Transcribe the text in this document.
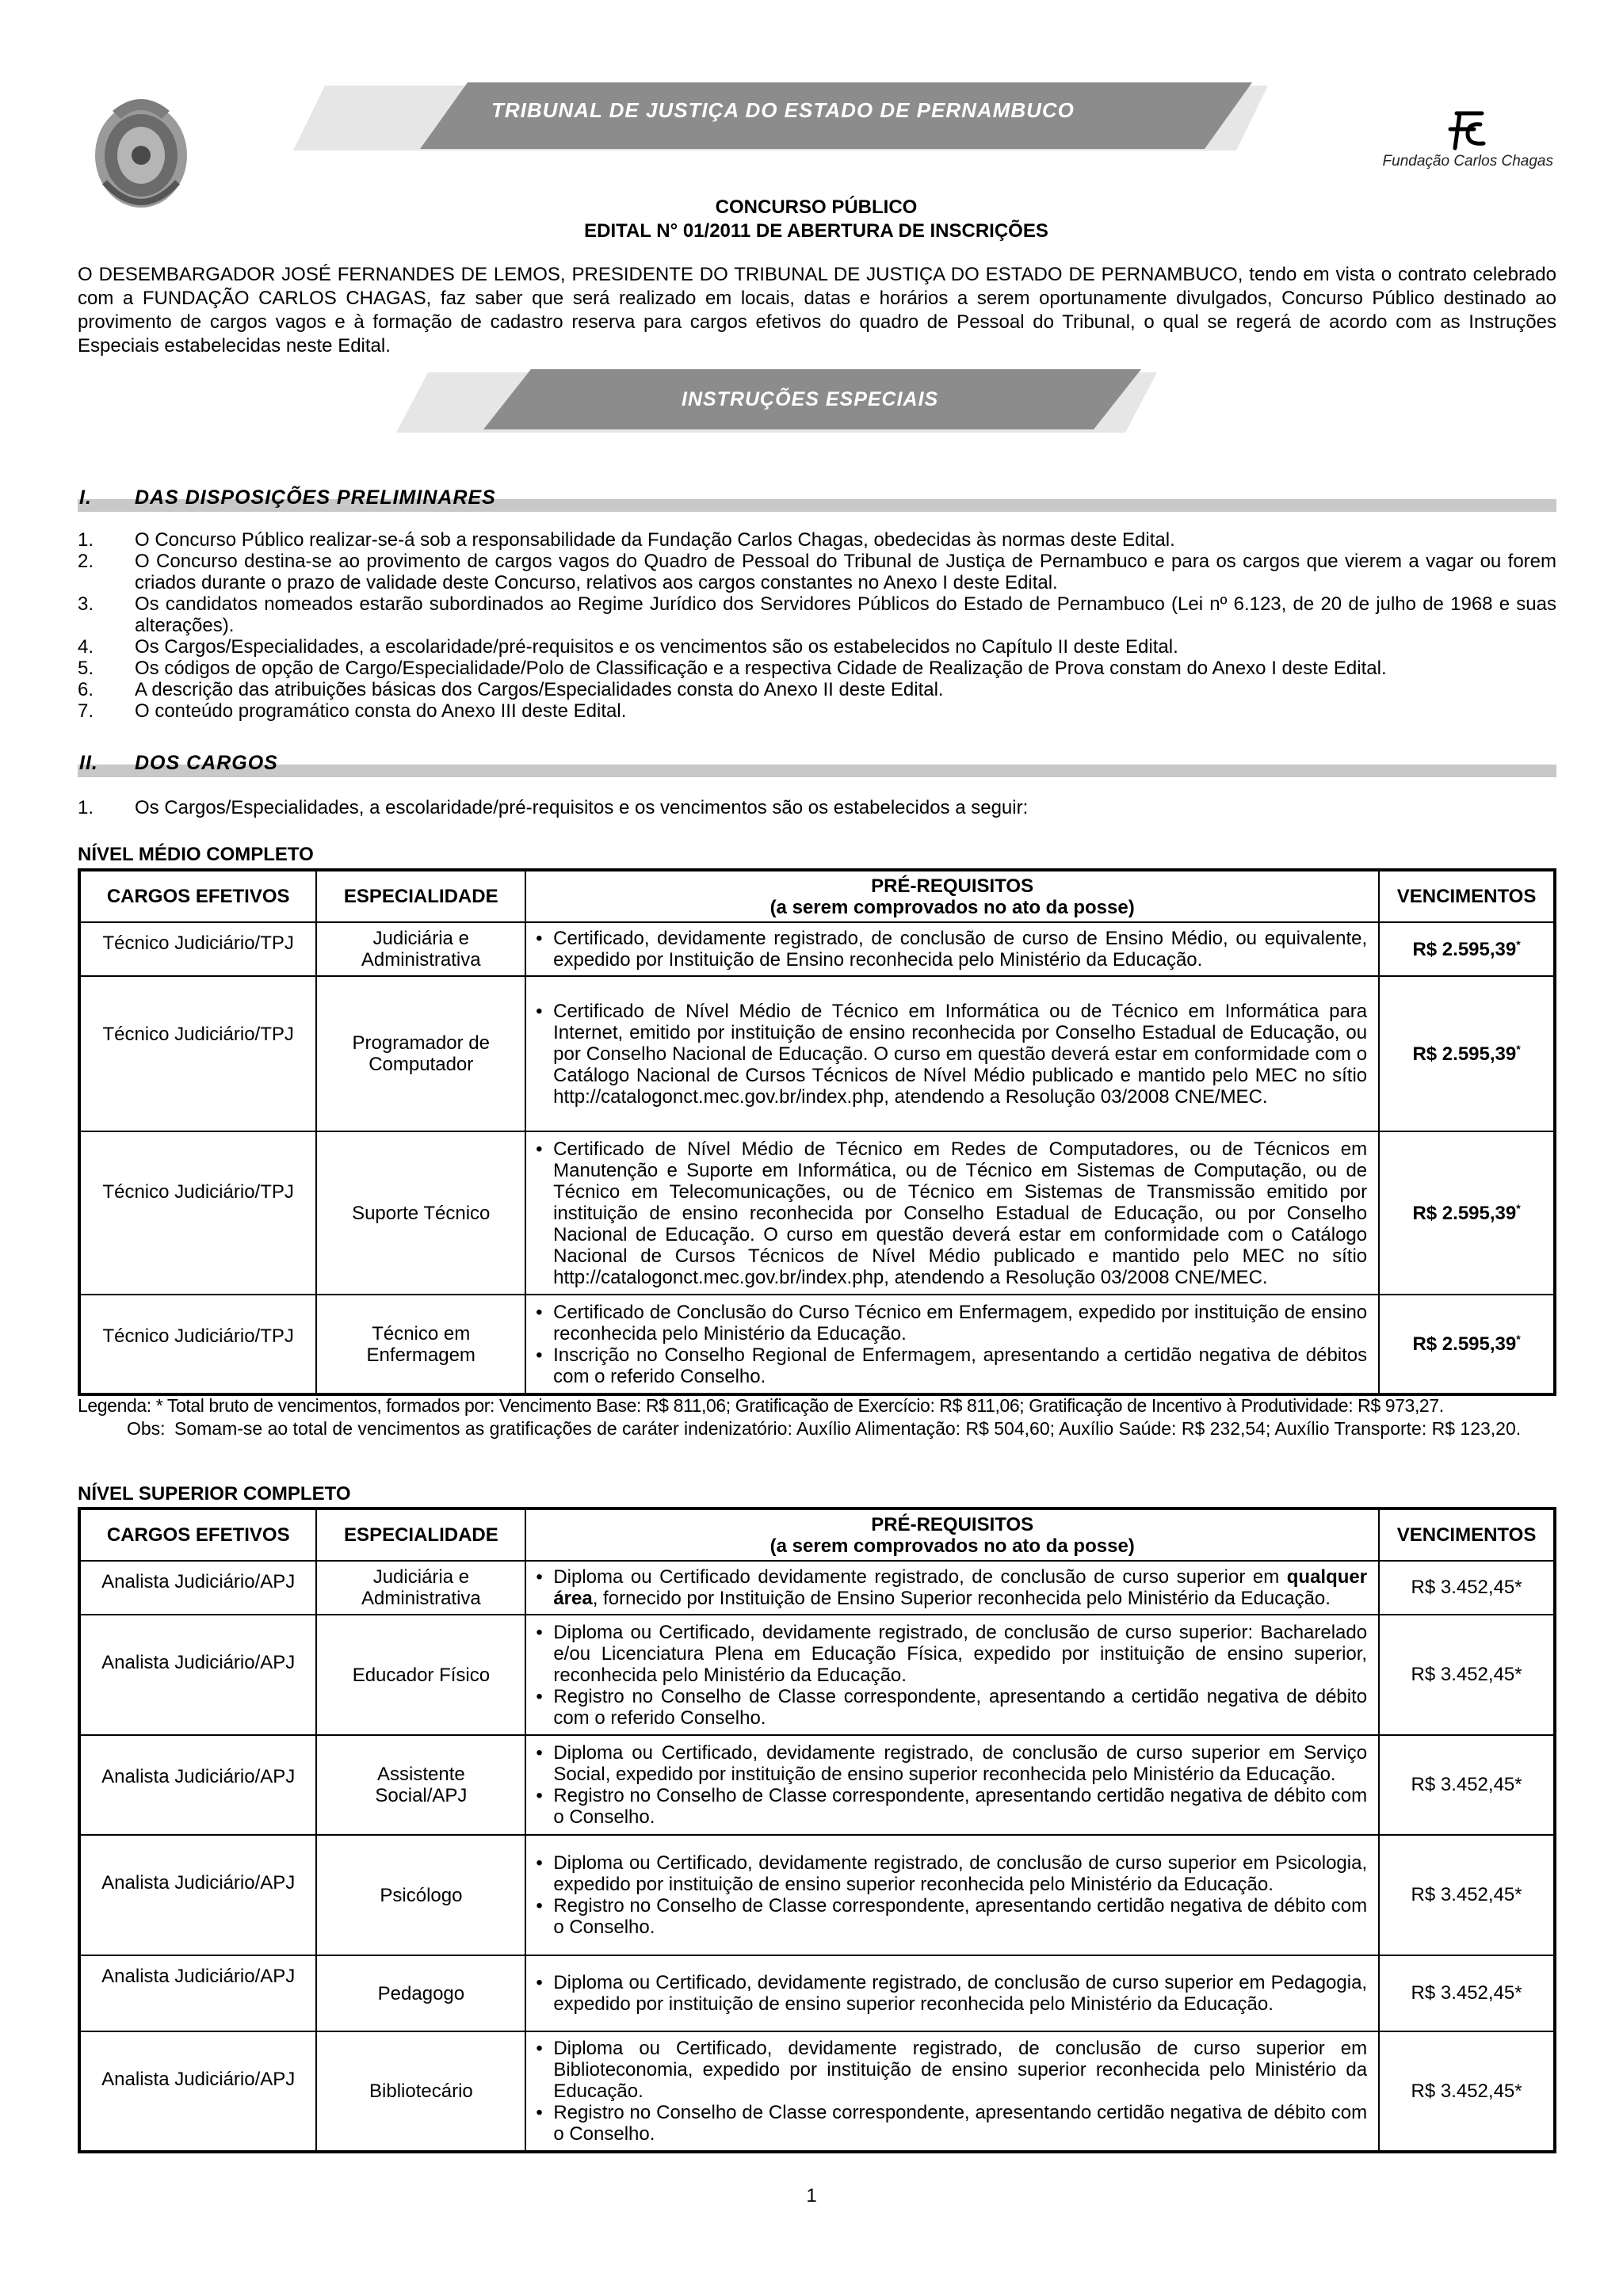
TRIBUNAL DE JUSTIÇA DO ESTADO DE PERNAMBUCO
Fundação Carlos Chagas
CONCURSO PÚBLICO
EDITAL N° 01/2011 DE ABERTURA DE INSCRIÇÕES
O DESEMBARGADOR JOSÉ FERNANDES DE LEMOS, PRESIDENTE DO TRIBUNAL DE JUSTIÇA DO ESTADO DE PERNAMBUCO, tendo em vista o contrato celebrado com a FUNDAÇÃO CARLOS CHAGAS, faz saber que será realizado em locais, datas e horários a serem oportunamente divulgados, Concurso Público destinado ao provimento de cargos vagos e à formação de cadastro reserva para cargos efetivos do quadro de Pessoal do Tribunal, o qual se regerá de acordo com as Instruções Especiais estabelecidas neste Edital.
INSTRUÇÕES ESPECIAIS
I. DAS DISPOSIÇÕES PRELIMINARES
1. O Concurso Público realizar-se-á sob a responsabilidade da Fundação Carlos Chagas, obedecidas às normas deste Edital.
2. O Concurso destina-se ao provimento de cargos vagos do Quadro de Pessoal do Tribunal de Justiça de Pernambuco e para os cargos que vierem a vagar ou forem criados durante o prazo de validade deste Concurso, relativos aos cargos constantes no Anexo I deste Edital.
3. Os candidatos nomeados estarão subordinados ao Regime Jurídico dos Servidores Públicos do Estado de Pernambuco (Lei nº 6.123, de 20 de julho de 1968 e suas alterações).
4. Os Cargos/Especialidades, a escolaridade/pré-requisitos e os vencimentos são os estabelecidos no Capítulo II deste Edital.
5. Os códigos de opção de Cargo/Especialidade/Polo de Classificação e a respectiva Cidade de Realização de Prova constam do Anexo I deste Edital.
6. A descrição das atribuições básicas dos Cargos/Especialidades consta do Anexo II deste Edital.
7. O conteúdo programático consta do Anexo III deste Edital.
II. DOS CARGOS
1. Os Cargos/Especialidades, a escolaridade/pré-requisitos e os vencimentos são os estabelecidos a seguir:
NÍVEL MÉDIO COMPLETO
CARGOS EFETIVOS	ESPECIALIDADE	PRÉ-REQUISITOS
(a serem comprovados no ato da posse)	VENCIMENTOS
Técnico Judiciário/TPJ	Judiciária e Administrativa	• Certificado, devidamente registrado, de conclusão de curso de Ensino Médio, ou equivalente, expedido por Instituição de Ensino reconhecida pelo Ministério da Educação.	R$ 2.595,39*
Técnico Judiciário/TPJ	Programador de Computador	• Certificado de Nível Médio de Técnico em Informática ou de Técnico em Informática para Internet, emitido por instituição de ensino reconhecida por Conselho Estadual de Educação, ou por Conselho Nacional de Educação. O curso em questão deverá estar em conformidade com o Catálogo Nacional de Cursos Técnicos de Nível Médio publicado e mantido pelo MEC no sítio http://catalogonct.mec.gov.br/index.php, atendendo a Resolução 03/2008 CNE/MEC.	R$ 2.595,39*
Técnico Judiciário/TPJ	Suporte Técnico	• Certificado de Nível Médio de Técnico em Redes de Computadores, ou de Técnicos em Manutenção e Suporte em Informática, ou de Técnico em Sistemas de Computação, ou de Técnico em Telecomunicações, ou de Técnico em Sistemas de Transmissão emitido por instituição de ensino reconhecida por Conselho Estadual de Educação, ou por Conselho Nacional de Educação. O curso em questão deverá estar em conformidade com o Catálogo Nacional de Cursos Técnicos de Nível Médio publicado e mantido pelo MEC no sítio http://catalogonct.mec.gov.br/index.php, atendendo a Resolução 03/2008 CNE/MEC.	R$ 2.595,39*
Técnico Judiciário/TPJ	Técnico em Enfermagem	• Certificado de Conclusão do Curso Técnico em Enfermagem, expedido por instituição de ensino reconhecida pelo Ministério da Educação.
• Inscrição no Conselho Regional de Enfermagem, apresentando a certidão negativa de débitos com o referido Conselho.	R$ 2.595,39*
Legenda: * Total bruto de vencimentos, formados por: Vencimento Base: R$ 811,06; Gratificação de Exercício: R$ 811,06; Gratificação de Incentivo à Produtividade: R$ 973,27.
Obs: Somam-se ao total de vencimentos as gratificações de caráter indenizatório: Auxílio Alimentação: R$ 504,60; Auxílio Saúde: R$ 232,54; Auxílio Transporte: R$ 123,20.
NÍVEL SUPERIOR COMPLETO
CARGOS EFETIVOS	ESPECIALIDADE	PRÉ-REQUISITOS
(a serem comprovados no ato da posse)	VENCIMENTOS
Analista Judiciário/APJ	Judiciária e Administrativa	• Diploma ou Certificado devidamente registrado, de conclusão de curso superior em qualquer área, fornecido por Instituição de Ensino Superior reconhecida pelo Ministério da Educação.	R$ 3.452,45*
Analista Judiciário/APJ	Educador Físico	• Diploma ou Certificado, devidamente registrado, de conclusão de curso superior: Bacharelado e/ou Licenciatura Plena em Educação Física, expedido por instituição de ensino superior, reconhecida pelo Ministério da Educação.
• Registro no Conselho de Classe correspondente, apresentando a certidão negativa de débito com o referido Conselho.	R$ 3.452,45*
Analista Judiciário/APJ	Assistente Social/APJ	• Diploma ou Certificado, devidamente registrado, de conclusão de curso superior em Serviço Social, expedido por instituição de ensino superior reconhecida pelo Ministério da Educação.
• Registro no Conselho de Classe correspondente, apresentando certidão negativa de débito com o Conselho.	R$ 3.452,45*
Analista Judiciário/APJ	Psicólogo	• Diploma ou Certificado, devidamente registrado, de conclusão de curso superior em Psicologia, expedido por instituição de ensino superior reconhecida pelo Ministério da Educação.
• Registro no Conselho de Classe correspondente, apresentando certidão negativa de débito com o Conselho.	R$ 3.452,45*
Analista Judiciário/APJ	Pedagogo	• Diploma ou Certificado, devidamente registrado, de conclusão de curso superior em Pedagogia, expedido por instituição de ensino superior reconhecida pelo Ministério da Educação.	R$ 3.452,45*
Analista Judiciário/APJ	Bibliotecário	• Diploma ou Certificado, devidamente registrado, de conclusão de curso superior em Biblioteconomia, expedido por instituição de ensino superior reconhecida pelo Ministério da Educação.
• Registro no Conselho de Classe correspondente, apresentando certidão negativa de débito com o Conselho.	R$ 3.452,45*
1
